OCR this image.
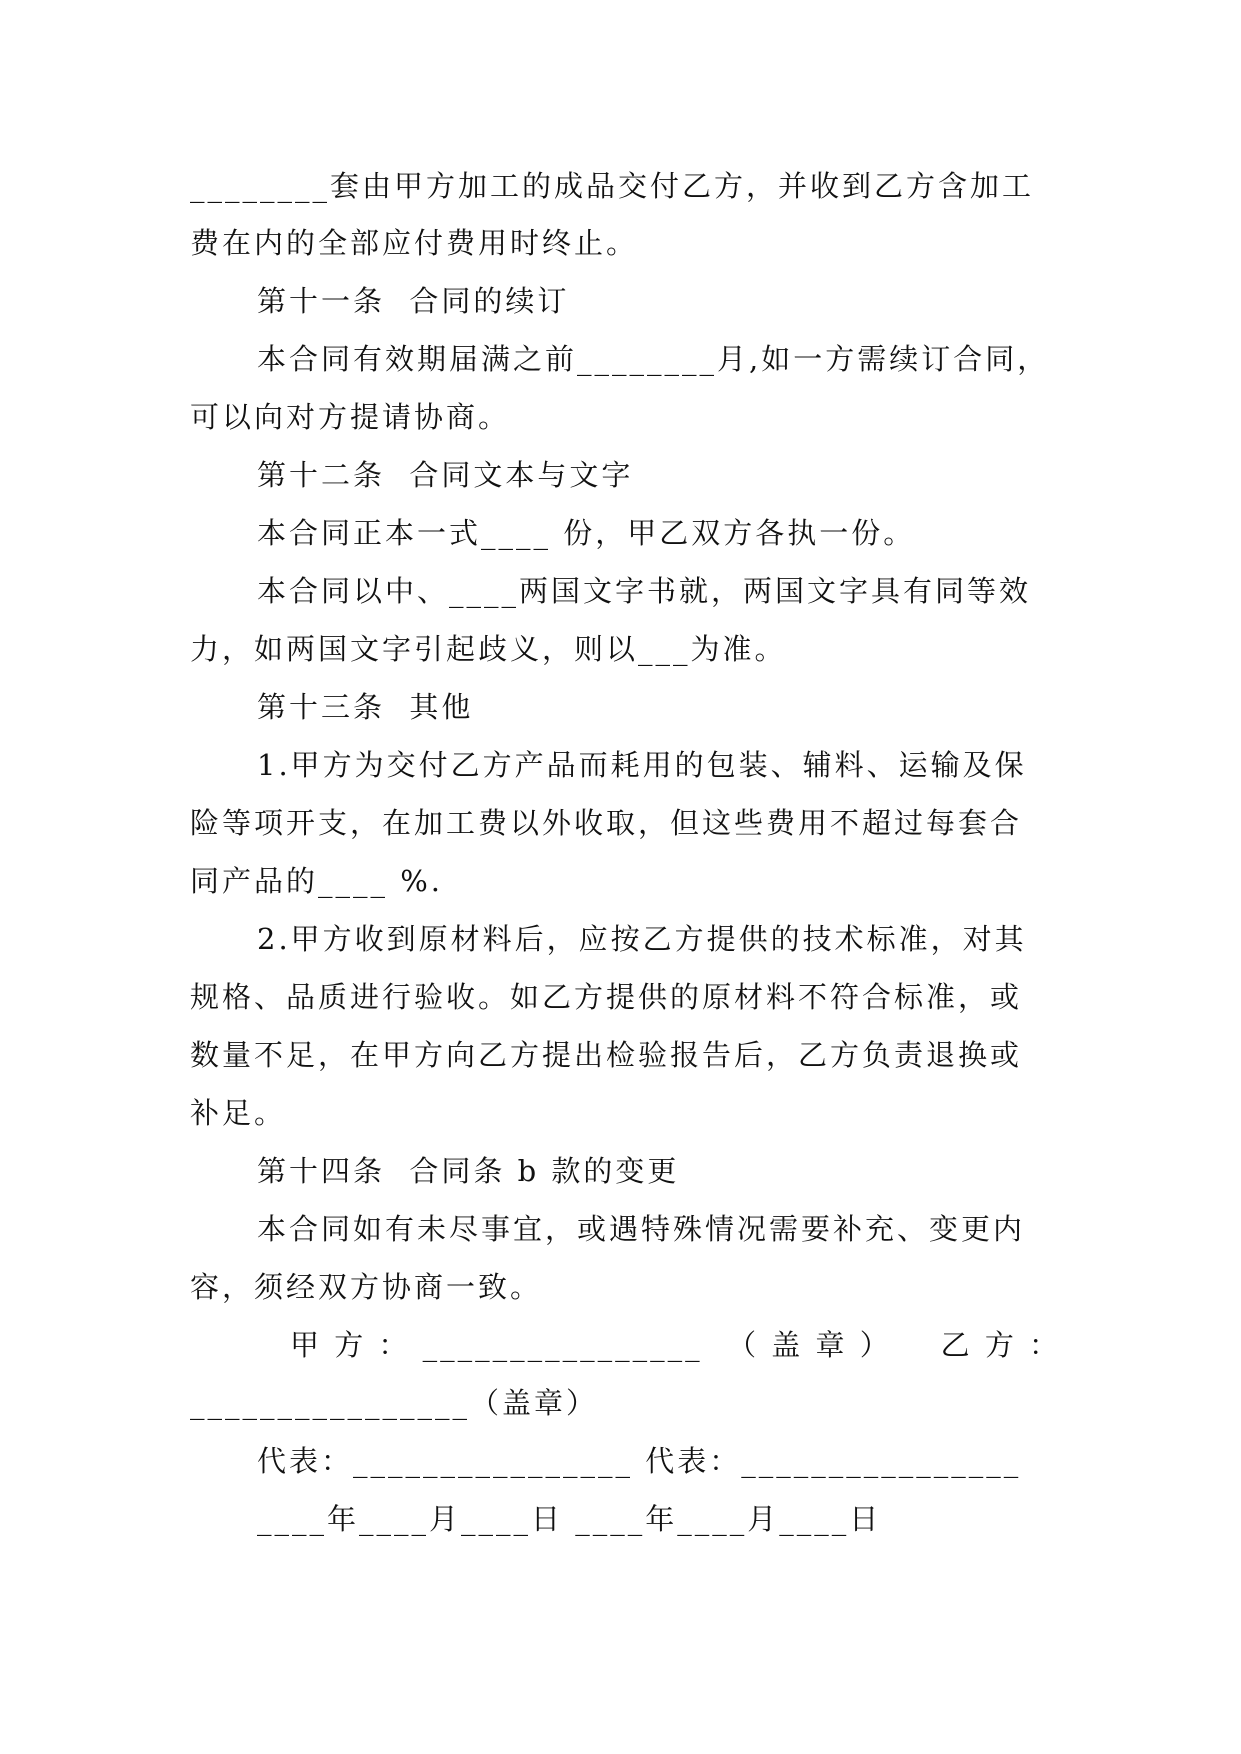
________套由甲方加工的成品交付乙方，并收到乙方含加工
费在内的全部应付费用时终止。
第十一条  合同的续订
本合同有效期届满之前________月,如一方需续订合同，
可以向对方提请协商。
第十二条  合同文本与文字
本合同正本一式____ 份，甲乙双方各执一份。
本合同以中、____两国文字书就，两国文字具有同等效
力，如两国文字引起歧义，则以___为准。
第十三条  其他
1.甲方为交付乙方产品而耗用的包装、辅料、运输及保
险等项开支，在加工费以外收取，但这些费用不超过每套合
同产品的____ %.
2.甲方收到原材料后，应按乙方提供的技术标准，对其
规格、品质进行验收。如乙方提供的原材料不符合标准，或
数量不足，在甲方向乙方提出检验报告后，乙方负责退换或
补足。
第十四条  合同条 b 款的变更
本合同如有未尽事宜，或遇特殊情况需要补充、变更内
容，须经双方协商一致。
甲 方 ： ________________  （ 盖 章 ）    乙 方 ：
________________（盖章）
代表：________________ 代表：________________
____年____月____日 ____年____月____日
